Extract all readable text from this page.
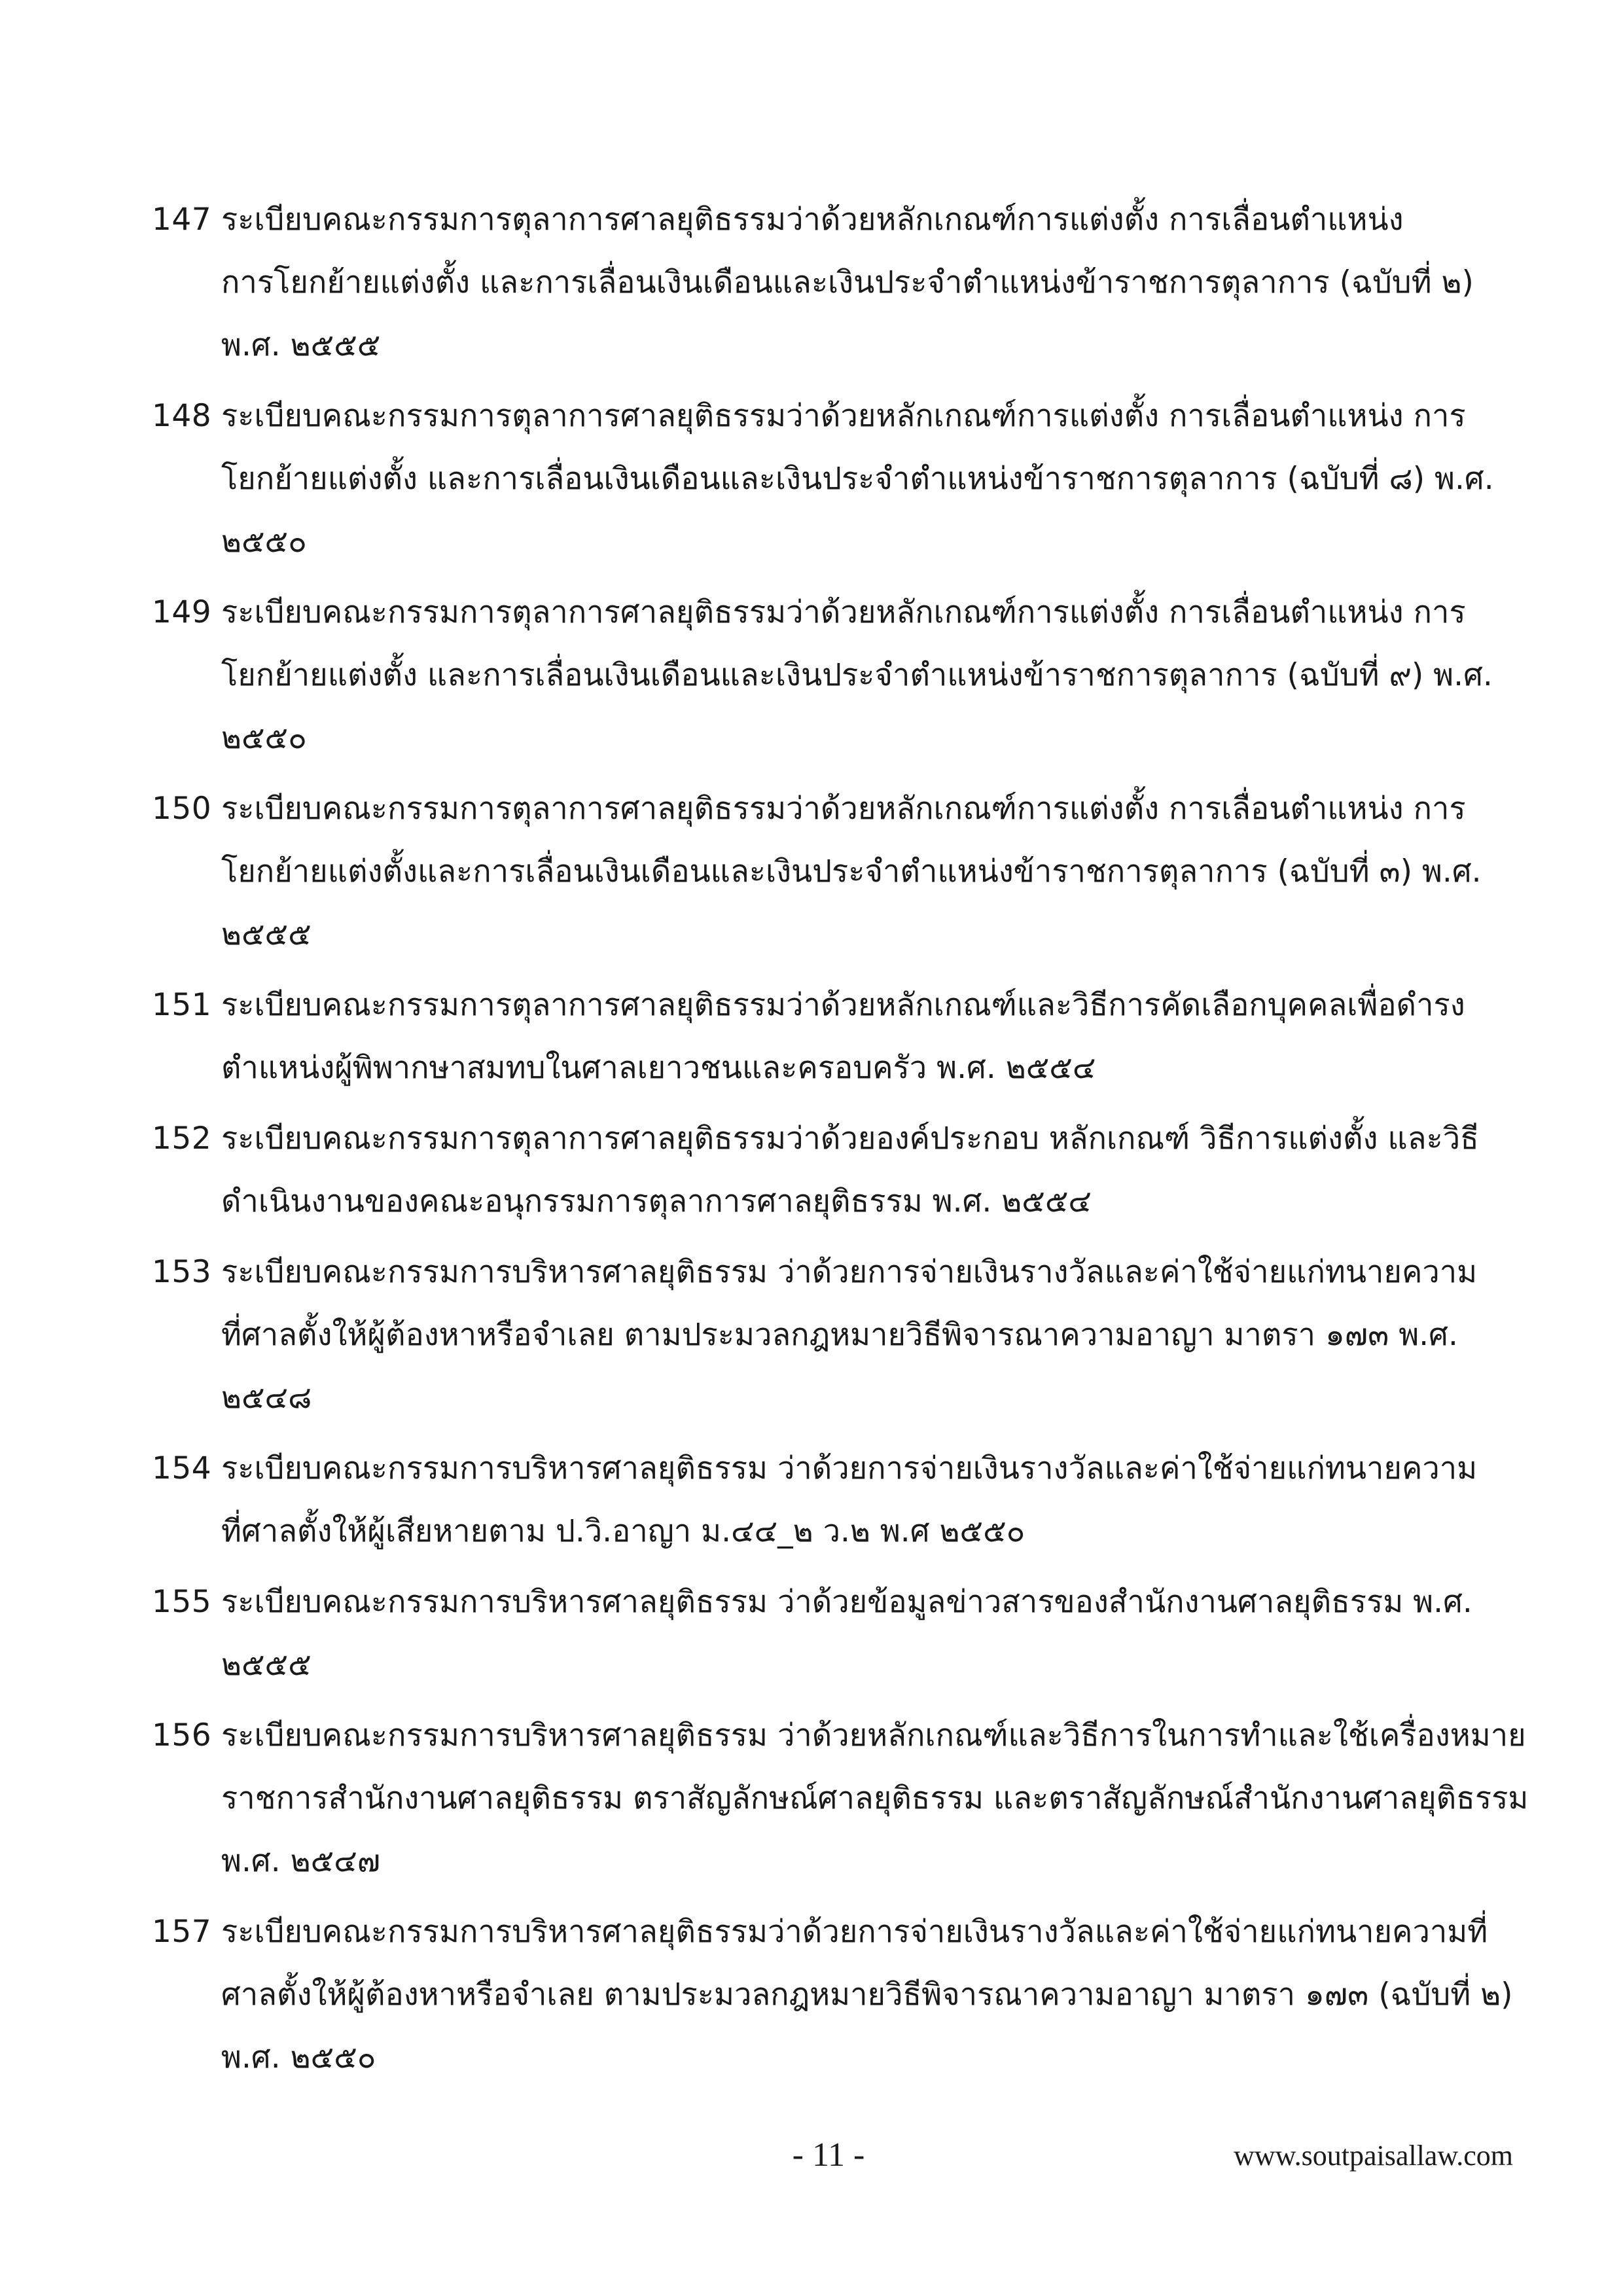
147 ระเบียบคณะกรรมการตุลาการศาลยุติธรรมว่าด้วยหลักเกณฑ์การแต่งตั้ง การเลื่อนตำแหน่ง
การโยกย้ายแต่งตั้ง และการเลื่อนเงินเดือนและเงินประจำตำแหน่งข้าราชการตุลาการ (ฉบับที่ ๒)
พ.ศ. ๒๕๕๕
148 ระเบียบคณะกรรมการตุลาการศาลยุติธรรมว่าด้วยหลักเกณฑ์การแต่งตั้ง การเลื่อนตำแหน่ง การ
โยกย้ายแต่งตั้ง และการเลื่อนเงินเดือนและเงินประจำตำแหน่งข้าราชการตุลาการ (ฉบับที่ ๘) พ.ศ.
๒๕๕๐
149 ระเบียบคณะกรรมการตุลาการศาลยุติธรรมว่าด้วยหลักเกณฑ์การแต่งตั้ง การเลื่อนตำแหน่ง การ
โยกย้ายแต่งตั้ง และการเลื่อนเงินเดือนและเงินประจำตำแหน่งข้าราชการตุลาการ (ฉบับที่ ๙) พ.ศ.
๒๕๕๐
150 ระเบียบคณะกรรมการตุลาการศาลยุติธรรมว่าด้วยหลักเกณฑ์การแต่งตั้ง การเลื่อนตำแหน่ง การ
โยกย้ายแต่งตั้งและการเลื่อนเงินเดือนและเงินประจำตำแหน่งข้าราชการตุลาการ (ฉบับที่ ๓) พ.ศ.
๒๕๕๕
151 ระเบียบคณะกรรมการตุลาการศาลยุติธรรมว่าด้วยหลักเกณฑ์และวิธีการคัดเลือกบุคคลเพื่อดำรง
ตำแหน่งผู้พิพากษาสมทบในศาลเยาวชนและครอบครัว พ.ศ. ๒๕๕๔
152 ระเบียบคณะกรรมการตุลาการศาลยุติธรรมว่าด้วยองค์ประกอบ หลักเกณฑ์ วิธีการแต่งตั้ง และวิธี
ดำเนินงานของคณะอนุกรรมการตุลาการศาลยุติธรรม พ.ศ. ๒๕๕๔
153 ระเบียบคณะกรรมการบริหารศาลยุติธรรม ว่าด้วยการจ่ายเงินรางวัลและค่าใช้จ่ายแก่ทนายความ
ที่ศาลตั้งให้ผู้ต้องหาหรือจำเลย ตามประมวลกฎหมายวิธีพิจารณาความอาญา มาตรา ๑๗๓ พ.ศ.
๒๕๔๘
154 ระเบียบคณะกรรมการบริหารศาลยุติธรรม ว่าด้วยการจ่ายเงินรางวัลและค่าใช้จ่ายแก่ทนายความ
ที่ศาลตั้งให้ผู้เสียหายตาม ป.วิ.อาญา ม.๔๔_๒ ว.๒ พ.ศ ๒๕๕๐
155 ระเบียบคณะกรรมการบริหารศาลยุติธรรม ว่าด้วยข้อมูลข่าวสารของสำนักงานศาลยุติธรรม พ.ศ.
๒๕๕๕
156 ระเบียบคณะกรรมการบริหารศาลยุติธรรม ว่าด้วยหลักเกณฑ์และวิธีการในการทำและใช้เครื่องหมาย
ราชการสำนักงานศาลยุติธรรม ตราสัญลักษณ์ศาลยุติธรรม และตราสัญลักษณ์สำนักงานศาลยุติธรรม
พ.ศ. ๒๕๔๗
157 ระเบียบคณะกรรมการบริหารศาลยุติธรรมว่าด้วยการจ่ายเงินรางวัลและค่าใช้จ่ายแก่ทนายความที่
ศาลตั้งให้ผู้ต้องหาหรือจำเลย ตามประมวลกฎหมายวิธีพิจารณาความอาญา มาตรา ๑๗๓ (ฉบับที่ ๒)
พ.ศ. ๒๕๕๐
- 11 -	www.soutpaisallaw.com
